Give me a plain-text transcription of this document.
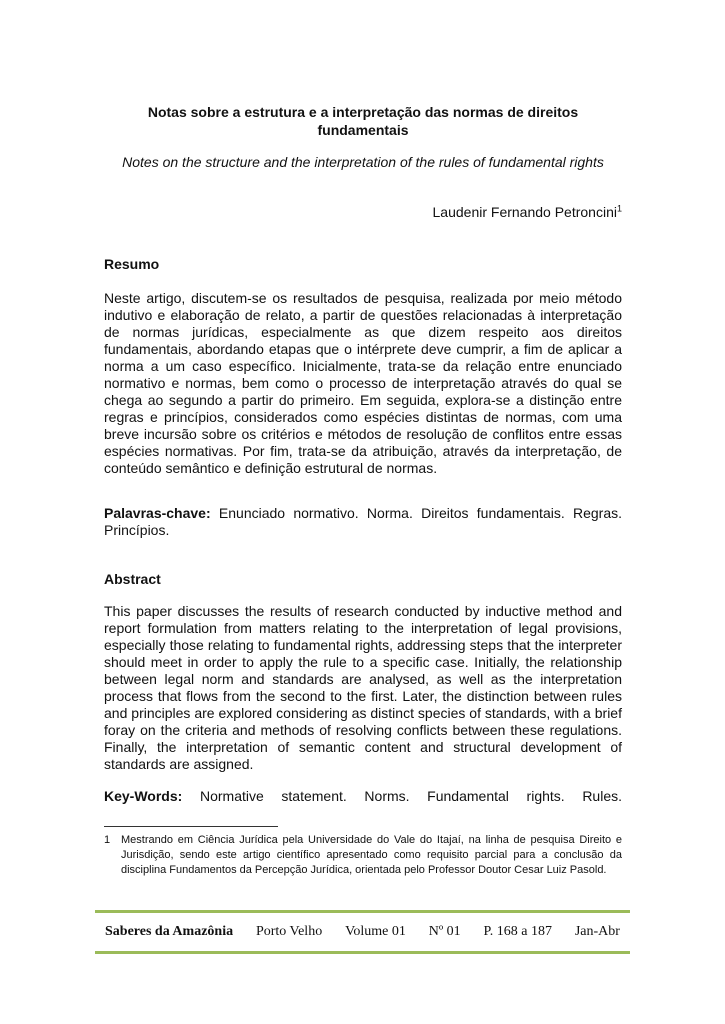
Notas sobre a estrutura e a interpretação das normas de direitos fundamentais
Notes on the structure and the interpretation of the rules of fundamental rights
Laudenir Fernando Petroncini$^1$
Resumo
Neste artigo, discutem-se os resultados de pesquisa, realizada por meio método indutivo e elaboração de relato, a partir de questões relacionadas à interpretação de normas jurídicas, especialmente as que dizem respeito aos direitos fundamentais, abordando etapas que o intérprete deve cumprir, a fim de aplicar a norma a um caso específico. Inicialmente, trata-se da relação entre enunciado normativo e normas, bem como o processo de interpretação através do qual se chega ao segundo a partir do primeiro. Em seguida, explora-se a distinção entre regras e princípios, considerados como espécies distintas de normas, com uma breve incursão sobre os critérios e métodos de resolução de conflitos entre essas espécies normativas. Por fim, trata-se da atribuição, através da interpretação, de conteúdo semântico e definição estrutural de normas.
Palavras-chave: Enunciado normativo. Norma. Direitos fundamentais. Regras. Princípios.
Abstract
This paper discusses the results of research conducted by inductive method and report formulation from matters relating to the interpretation of legal provisions, especially those relating to fundamental rights, addressing steps that the interpreter should meet in order to apply the rule to a specific case. Initially, the relationship between legal norm and standards are analysed, as well as the interpretation process that flows from the second to the first. Later, the distinction between rules and principles are explored considering as distinct species of standards, with a brief foray on the criteria and methods of resolving conflicts between these regulations. Finally, the interpretation of semantic content and structural development of standards are assigned.
Key-Words: Normative statement. Norms. Fundamental rights. Rules.
1 Mestrando em Ciência Jurídica pela Universidade do Vale do Itajaí, na linha de pesquisa Direito e Jurisdição, sendo este artigo científico apresentado como requisito parcial para a conclusão da disciplina Fundamentos da Percepção Jurídica, orientada pelo Professor Doutor Cesar Luiz Pasold.
Saberes da Amazônia Porto Velho Volume 01 Nº 01 P. 168 a 187 Jan-Abr
